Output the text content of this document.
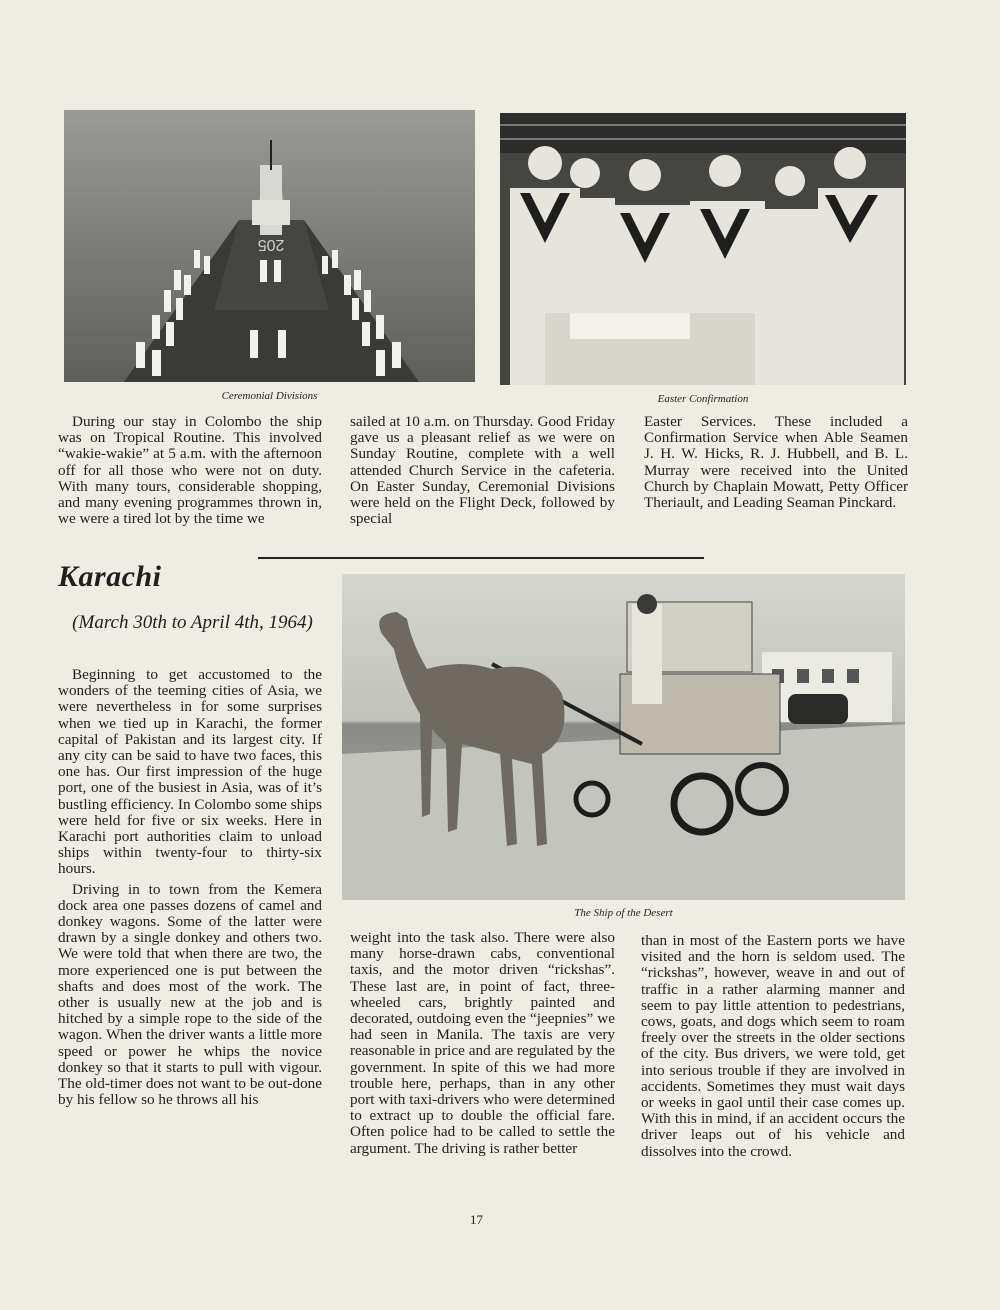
205
Ceremonial Divisions	Easter Confirmation

During our stay in Colombo the ship was on Tropical Routine. This involved “wakie-wakie” at 5 a.m. with the afternoon off for all those who were not on duty. With many tours, considerable shopping, and many evening programmes thrown in, we were a tired lot by the time we

sailed at 10 a.m. on Thursday. Good Friday gave us a pleasant relief as we were on Sunday Routine, complete with a well attended Church Service in the cafeteria. On Easter Sunday, Ceremonial Divisions were held on the Flight Deck, followed by special

Easter Services. These included a Confirmation Service when Able Seamen J. H. W. Hicks, R. J. Hubbell, and B. L. Murray were received into the United Church by Chaplain Mowatt, Petty Officer Theriault, and Leading Seaman Pinckard.

Karachi

(March 30th to April 4th, 1964)

The Ship of the Desert

Beginning to get accustomed to the wonders of the teeming cities of Asia, we were nevertheless in for some surprises when we tied up in Karachi, the former capital of Pakistan and its largest city. If any city can be said to have two faces, this one has. Our first impression of the huge port, one of the busiest in Asia, was of it’s bustling efficiency. In Colombo some ships were held for five or six weeks. Here in Karachi port authorities claim to unload ships within twenty-four to thirty-six hours.

Driving in to town from the Kemera dock area one passes dozens of camel and donkey wagons. Some of the latter were drawn by a single donkey and others two. We were told that when there are two, the more experienced one is put between the shafts and does most of the work. The other is usually new at the job and is hitched by a simple rope to the side of the wagon. When the driver wants a little more speed or power he whips the novice donkey so that it starts to pull with vigour. The old-timer does not want to be out-done by his fellow so he throws all his

weight into the task also. There were also many horse-drawn cabs, conventional taxis, and the motor driven “rickshas”. These last are, in point of fact, three-wheeled cars, brightly painted and decorated, outdoing even the “jeepnies” we had seen in Manila. The taxis are very reasonable in price and are regulated by the government. In spite of this we had more trouble here, perhaps, than in any other port with taxi-drivers who were determined to extract up to double the official fare. Often police had to be called to settle the argument. The driving is rather better

than in most of the Eastern ports we have visited and the horn is seldom used. The “rickshas”, however, weave in and out of traffic in a rather alarming manner and seem to pay little attention to pedestrians, cows, goats, and dogs which seem to roam freely over the streets in the older sections of the city. Bus drivers, we were told, get into serious trouble if they are involved in accidents. Sometimes they must wait days or weeks in gaol until their case comes up. With this in mind, if an accident occurs the driver leaps out of his vehicle and dissolves into the crowd.

17
